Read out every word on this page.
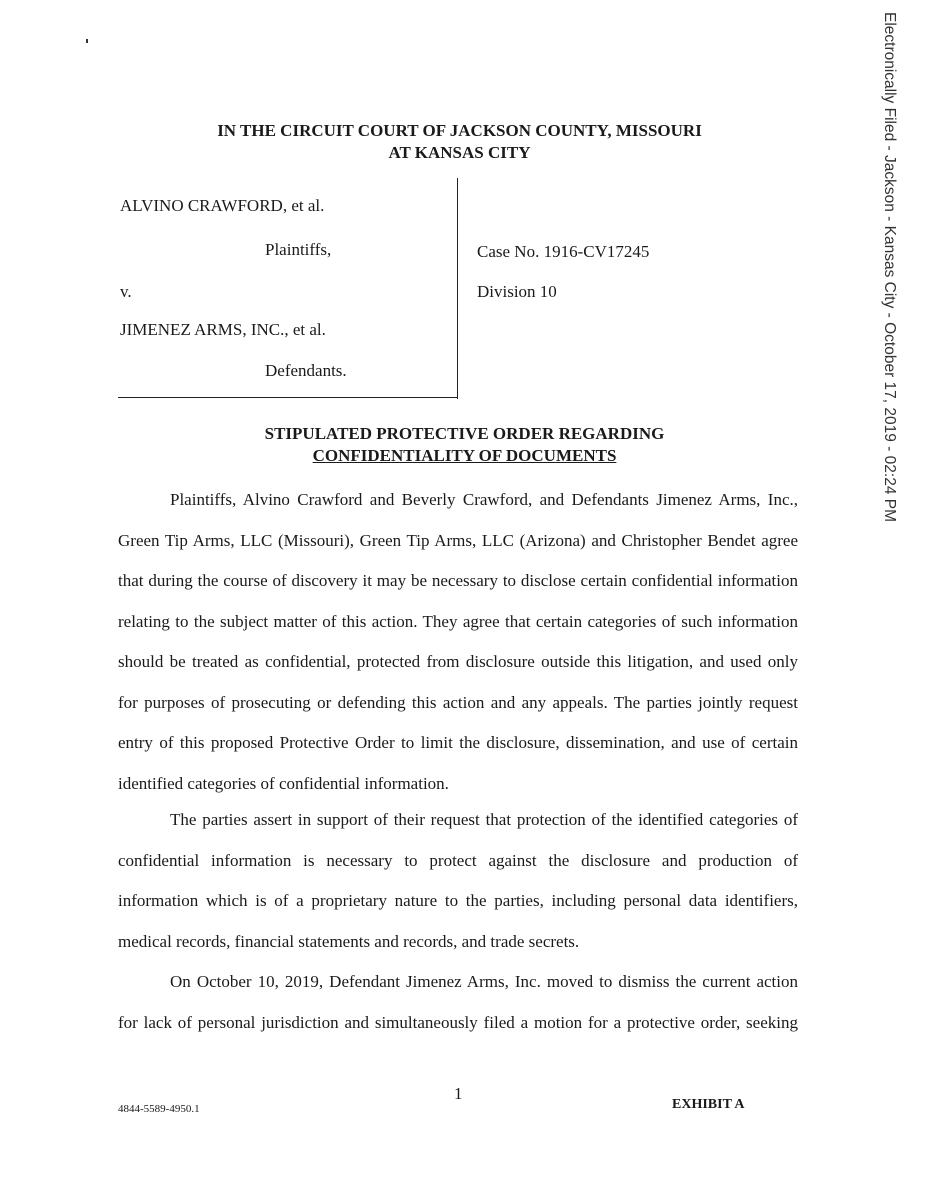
IN THE CIRCUIT COURT OF JACKSON COUNTY, MISSOURI
AT KANSAS CITY
ALVINO CRAWFORD, et al.
Plaintiffs,
v.
JIMENEZ ARMS, INC., et al.
Defendants.
Case No. 1916-CV17245
Division 10
STIPULATED PROTECTIVE ORDER REGARDING
CONFIDENTIALITY OF DOCUMENTS
Plaintiffs, Alvino Crawford and Beverly Crawford, and Defendants Jimenez Arms, Inc.,
Green Tip Arms, LLC (Missouri), Green Tip Arms, LLC (Arizona) and Christopher Bendet agree
that during the course of discovery it may be necessary to disclose certain confidential information
relating to the subject matter of this action. They agree that certain categories of such information
should be treated as confidential, protected from disclosure outside this litigation, and used only
for purposes of prosecuting or defending this action and any appeals. The parties jointly request
entry of this proposed Protective Order to limit the disclosure, dissemination, and use of certain
identified categories of confidential information.
The parties assert in support of their request that protection of the identified categories of
confidential information is necessary to protect against the disclosure and production of
information which is of a proprietary nature to the parties, including personal data identifiers,
medical records, financial statements and records, and trade secrets.
On October 10, 2019, Defendant Jimenez Arms, Inc. moved to dismiss the current action
for lack of personal jurisdiction and simultaneously filed a motion for a protective order, seeking
1
4844-5589-4950.1	EXHIBIT A
Electronically Filed - Jackson - Kansas City - October 17, 2019 - 02:24 PM
